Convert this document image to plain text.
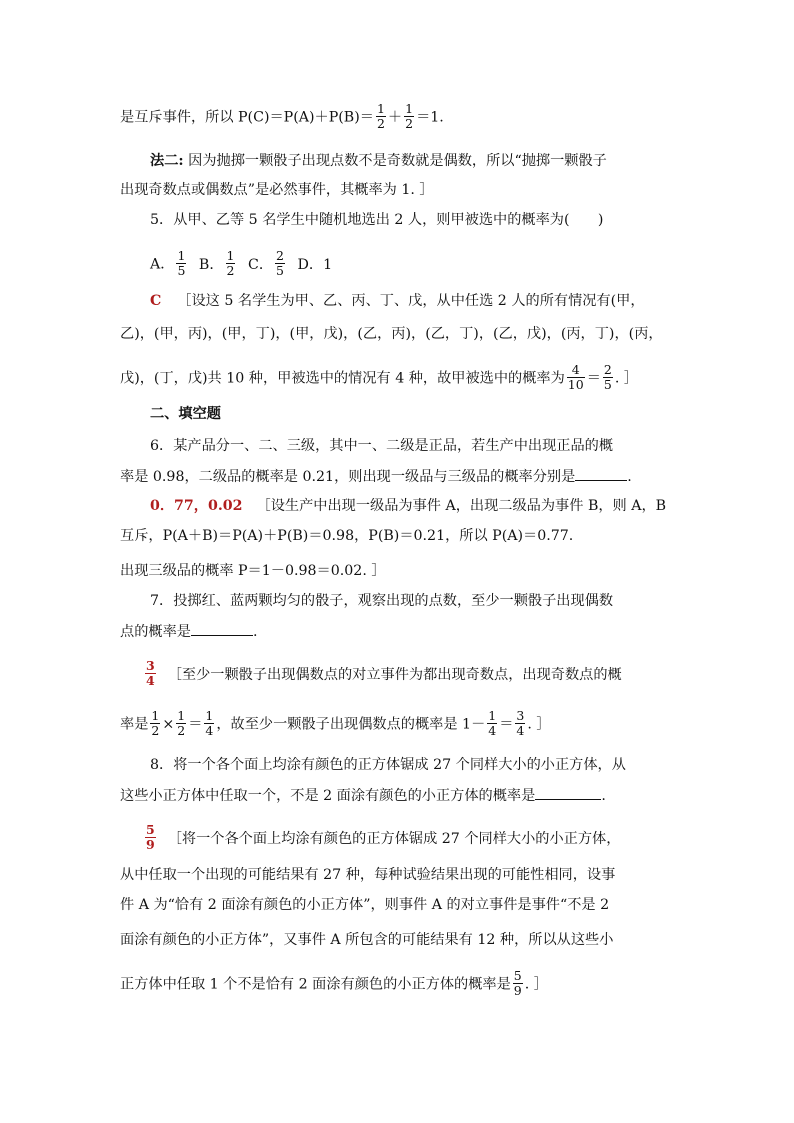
是互斥事件，所以 $P(C)=P(A)+P(B)= \frac{1}{2} + \frac{1}{2} =1$.
法二: 因为抛掷一颗骰子出现点数不是奇数就是偶数，所以“抛掷一颗骰子
出现奇数点或偶数点”是必然事件，其概率为 1. ］
5．从甲、乙等 5 名学生中随机地选出 2 人，则甲被选中的概率为(　　)
A． $\frac{1}{5}$ B． $\frac{1}{2}$ C． $\frac{2}{5}$ D．1
C ［设这 5 名学生为甲、乙、丙、丁、戊，从中任选 2 人的所有情况有(甲，
乙)，(甲，丙)，(甲，丁)，(甲，戊)，(乙，丙)，(乙，丁)，(乙，戊)，(丙，丁)，(丙，
戊)，(丁，戊)共 10 种，甲被选中的情况有 4 种，故甲被选中的概率为 $\frac{4}{10} = \frac{2}{5}$ . ］
二、填空题
6．某产品分一、二、三级，其中一、二级是正品，若生产中出现正品的概
率是 0.98，二级品的概率是 0.21，则出现一级品与三级品的概率分别是	.
0．77，0.02 ［设生产中出现一级品为事件 A，出现二级品为事件 B，则 A，B
互斥，P(A＋B)＝P(A)＋P(B)＝0.98，P(B)＝0.21，所以 P(A)＝0.77.
出现三级品的概率 P＝1－0.98＝0.02. ］
7．投掷红、蓝两颗均匀的骰子，观察出现的点数，至少一颗骰子出现偶数
点的概率是	.
$\frac{3}{4}$ ［至少一颗骰子出现偶数点的对立事件为都出现奇数点，出现奇数点的概
率是 $\frac{1}{2} \times \frac{1}{2} = \frac{1}{4}$ ，故至少一颗骰子出现偶数点的概率是 $1- \frac{1}{4} = \frac{3}{4}$ . ］
8．将一个各个面上均涂有颜色的正方体锯成 27 个同样大小的小正方体，从
这些小正方体中任取一个，不是 2 面涂有颜色的小正方体的概率是	.
$\frac{5}{9}$ ［将一个各个面上均涂有颜色的正方体锯成 27 个同样大小的小正方体，
从中任取一个出现的可能结果有 27 种，每种试验结果出现的可能性相同，设事
件 A 为“恰有 2 面涂有颜色的小正方体”，则事件 A 的对立事件是事件“不是 2
面涂有颜色的小正方体”，又事件 A 所包含的可能结果有 12 种，所以从这些小
正方体中任取 1 个不是恰有 2 面涂有颜色的小正方体的概率是 $\frac{5}{9}$ . ］
